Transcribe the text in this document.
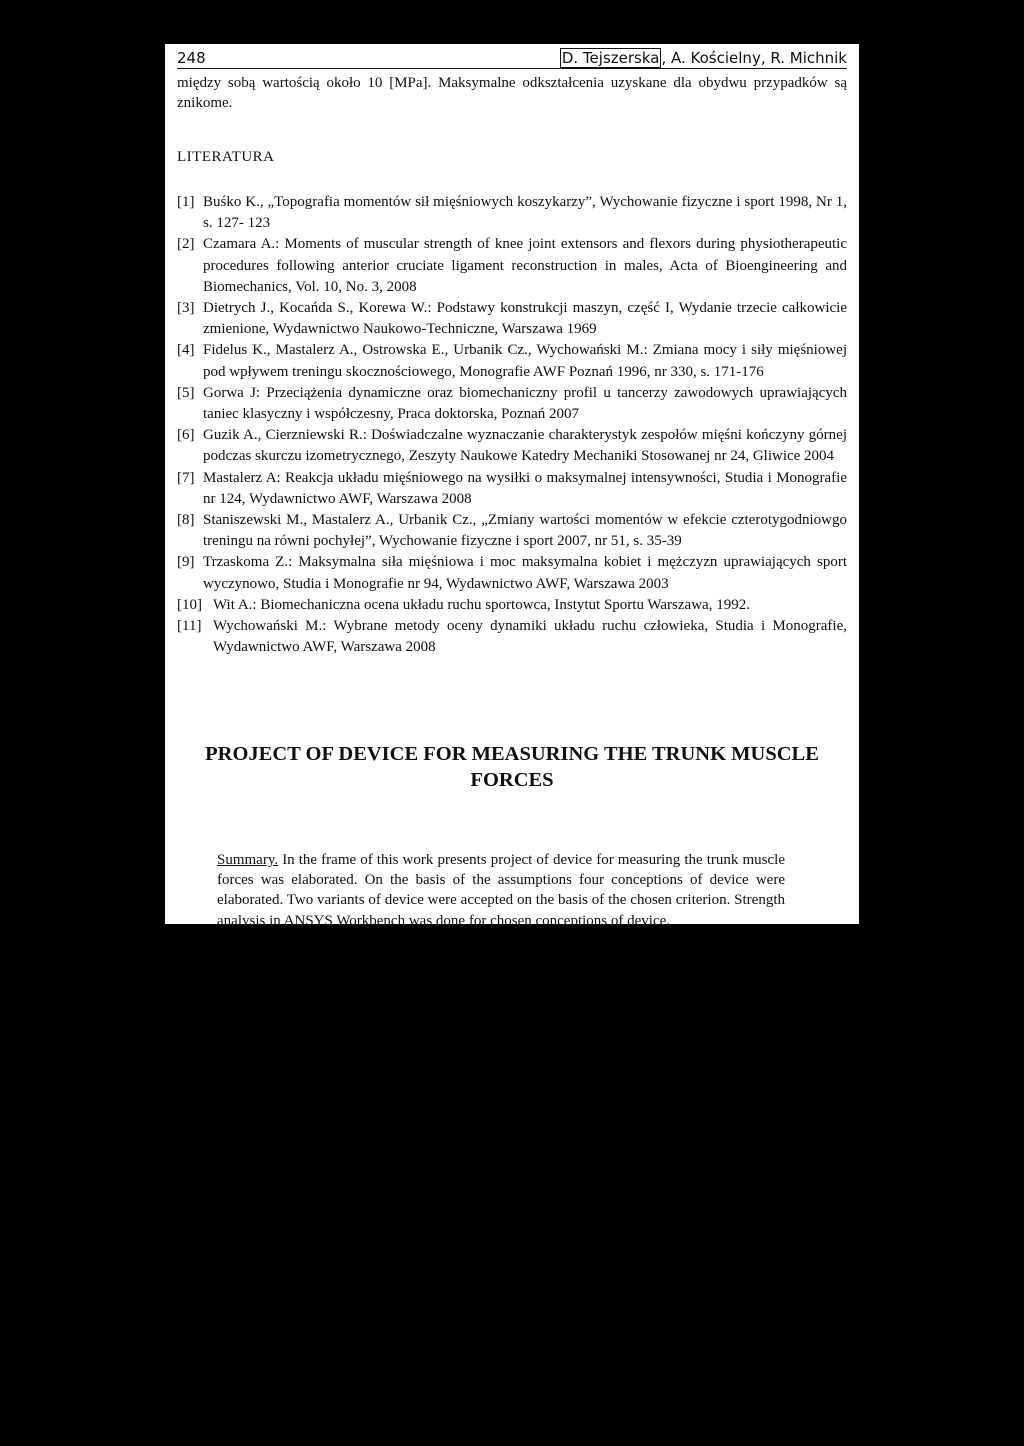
248	D. Tejszerska , A. Kościelny, R. Michnik
między sobą wartością około 10 [MPa]. Maksymalne odkształcenia uzyskane dla obydwu przypadków są znikome.
LITERATURA
[1] Buśko K., „Topografia momentów sił mięśniowych koszykarzy”, Wychowanie fizyczne i sport 1998, Nr 1, s. 127- 123
[2] Czamara A.: Moments of muscular strength of knee joint extensors and flexors during physiotherapeutic procedures following anterior cruciate ligament reconstruction in males, Acta of Bioengineering and Biomechanics, Vol. 10, No. 3, 2008
[3] Dietrych J., Kocańda S., Korewa W.: Podstawy konstrukcji maszyn, część I, Wydanie trzecie całkowicie zmienione, Wydawnictwo Naukowo-Techniczne, Warszawa 1969
[4] Fidelus K., Mastalerz A., Ostrowska E., Urbanik Cz., Wychowański M.: Zmiana mocy i siły mięśniowej pod wpływem treningu skocznościowego, Monografie AWF Poznań 1996, nr 330, s. 171-176
[5] Gorwa J: Przeciążenia dynamiczne oraz biomechaniczny profil u tancerzy zawodowych uprawiających taniec klasyczny i współczesny, Praca doktorska, Poznań 2007
[6] Guzik A., Cierzniewski R.: Doświadczalne wyznaczanie charakterystyk zespołów mięśni kończyny górnej podczas skurczu izometrycznego, Zeszyty Naukowe Katedry Mechaniki Stosowanej nr 24, Gliwice 2004
[7] Mastalerz A: Reakcja układu mięśniowego na wysiłki o maksymalnej intensywności, Studia i Monografie nr 124, Wydawnictwo AWF, Warszawa 2008
[8] Staniszewski M., Mastalerz A., Urbanik Cz., „Zmiany wartości momentów w efekcie czterotygodniowgo treningu na równi pochyłej”, Wychowanie fizyczne i sport 2007, nr 51, s. 35-39
[9] Trzaskoma Z.: Maksymalna siła mięśniowa i moc maksymalna kobiet i mężczyzn uprawiających sport wyczynowo, Studia i Monografie nr 94, Wydawnictwo AWF, Warszawa 2003
[10] Wit A.: Biomechaniczna ocena układu ruchu sportowca, Instytut Sportu Warszawa, 1992.
[11] Wychowański M.: Wybrane metody oceny dynamiki układu ruchu człowieka, Studia i Monografie, Wydawnictwo AWF, Warszawa 2008
PROJECT OF DEVICE FOR MEASURING THE TRUNK MUSCLE FORCES
Summary. In the frame of this work presents project of device for measuring the trunk muscle forces was elaborated. On the basis of the assumptions four conceptions of device were elaborated. Two variants of device were accepted on the basis of the chosen criterion. Strength analysis in ANSYS Workbench was done for chosen conceptions of device.
